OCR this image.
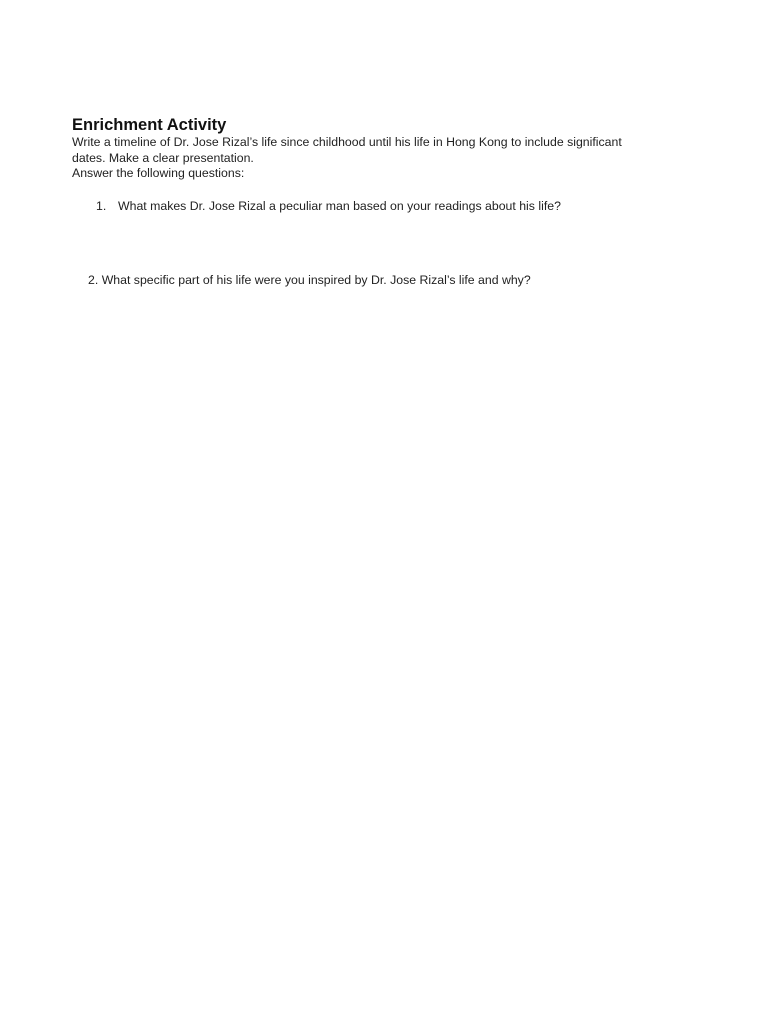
Enrichment Activity

Write a timeline of Dr. Jose Rizal’s life since childhood until his life in Hong Kong to include significant

dates. Make a clear presentation.

Answer the following questions:

1. What makes Dr. Jose Rizal a peculiar man based on your readings about his life?
2. What specific part of his life were you inspired by Dr. Jose Rizal’s life and why?
